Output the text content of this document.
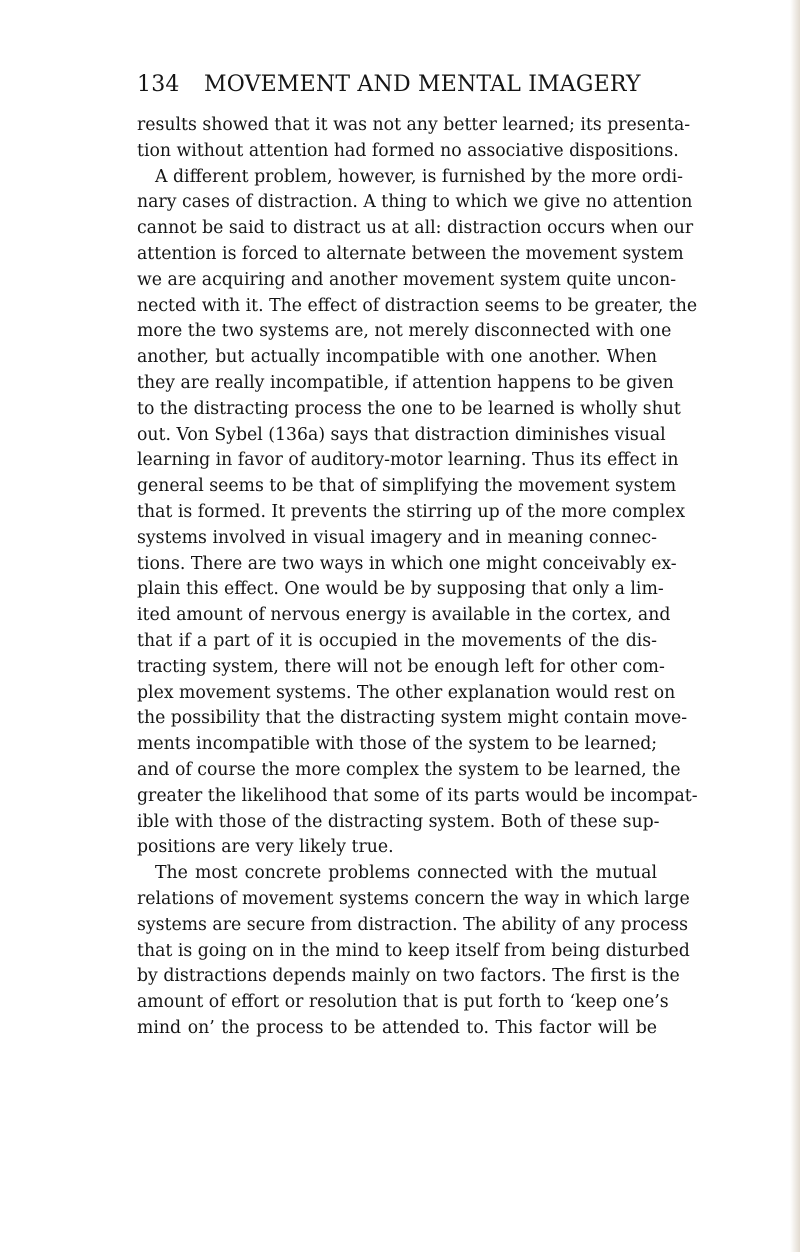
134 MOVEMENT AND MENTAL IMAGERY
results showed that it was not any better learned; its presenta-
tion without attention had formed no associative dispositions.
A different problem, however, is furnished by the more ordi-
nary cases of distraction. A thing to which we give no attention
cannot be said to distract us at all: distraction occurs when our
attention is forced to alternate between the movement system
we are acquiring and another movement system quite uncon-
nected with it. The effect of distraction seems to be greater, the
more the two systems are, not merely disconnected with one
another, but actually incompatible with one another. When
they are really incompatible, if attention happens to be given
to the distracting process the one to be learned is wholly shut
out. Von Sybel (136a) says that distraction diminishes visual
learning in favor of auditory-motor learning. Thus its effect in
general seems to be that of simplifying the movement system
that is formed. It prevents the stirring up of the more complex
systems involved in visual imagery and in meaning connec-
tions. There are two ways in which one might conceivably ex-
plain this effect. One would be by supposing that only a lim-
ited amount of nervous energy is available in the cortex, and
that if a part of it is occupied in the movements of the dis-
tracting system, there will not be enough left for other com-
plex movement systems. The other explanation would rest on
the possibility that the distracting system might contain move-
ments incompatible with those of the system to be learned;
and of course the more complex the system to be learned, the
greater the likelihood that some of its parts would be incompat-
ible with those of the distracting system. Both of these sup-
positions are very likely true.
The most concrete problems connected with the mutual
relations of movement systems concern the way in which large
systems are secure from distraction. The ability of any process
that is going on in the mind to keep itself from being disturbed
by distractions depends mainly on two factors. The first is the
amount of effort or resolution that is put forth to ‘keep one’s
mind on’ the process to be attended to. This factor will be
